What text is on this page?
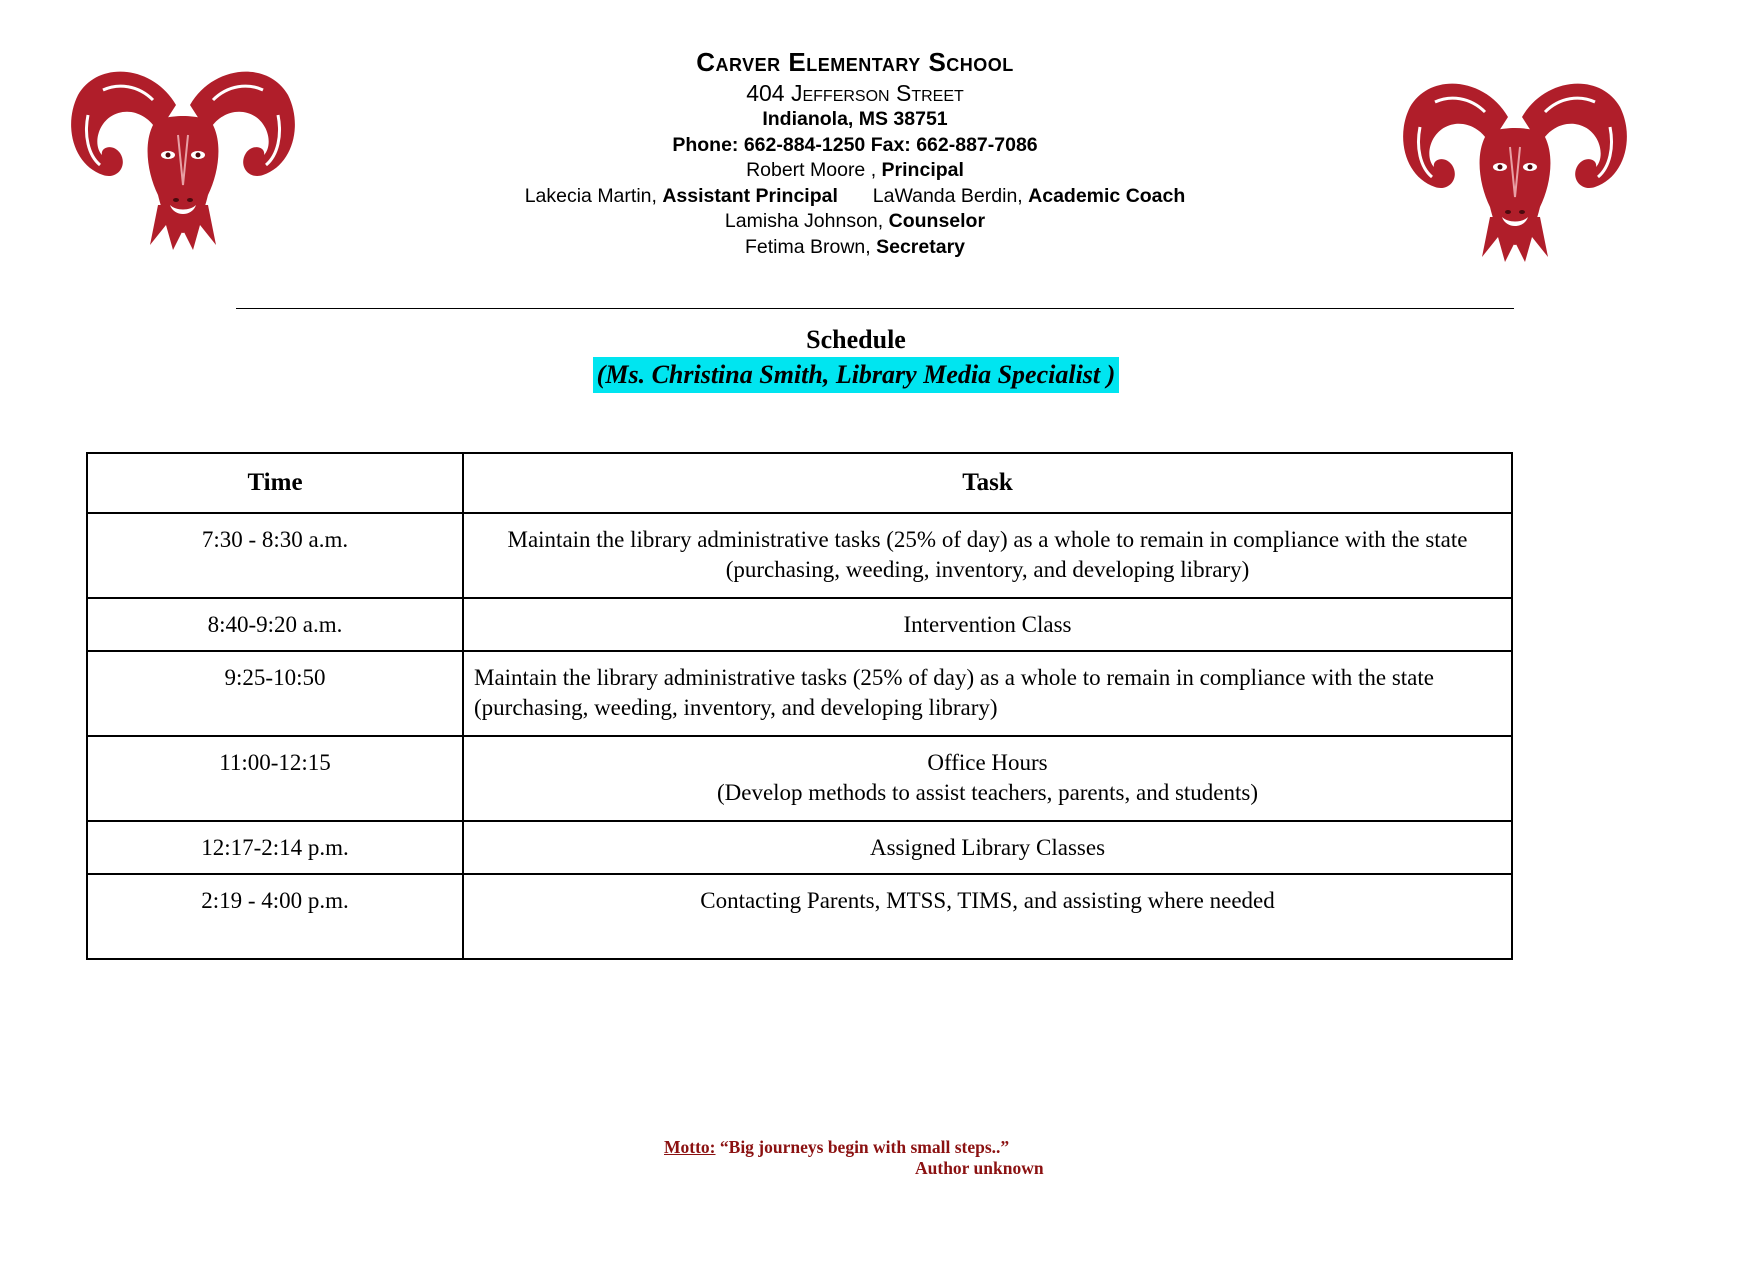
Carver Elementary School
404 Jefferson Street
Indianola, MS 38751
Phone: 662-884-1250 Fax: 662-887-7086
Robert Moore , Principal
Lakecia Martin, Assistant Principal LaWanda Berdin, Academic Coach
Lamisha Johnson, Counselor
Fetima Brown, Secretary
Schedule
(Ms. Christina Smith, Library Media Specialist )
Time	Task
7:30 - 8:30 a.m.	Maintain the library administrative tasks (25% of day) as a whole to remain in compliance with the state (purchasing, weeding, inventory, and developing library)
8:40-9:20 a.m.	Intervention Class
9:25-10:50	Maintain the library administrative tasks (25% of day) as a whole to remain in compliance with the state (purchasing, weeding, inventory, and developing library)
11:00-12:15	Office Hours
(Develop methods to assist teachers, parents, and students)

12:17-2:14 p.m.	Assigned Library Classes
2:19 - 4:00 p.m.	Contacting Parents, MTSS, TIMS, and assisting where needed
Motto: “Big journeys begin with small steps..”
Author unknown
